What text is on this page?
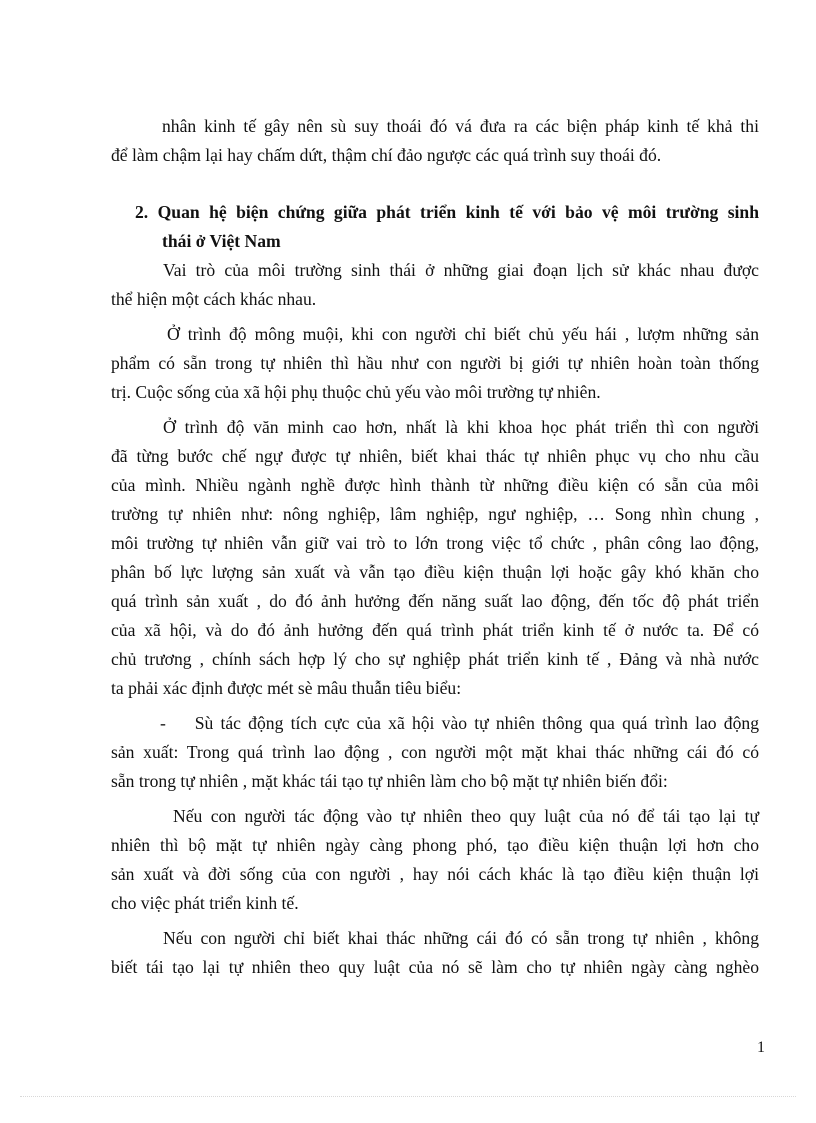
nhân kinh tế gây nên sù suy thoái đó vá đưa ra các biện pháp kinh tế khả thi
để làm chậm lại hay chấm dứt, thậm chí đảo ngược các quá trình suy thoái đó.
2. Quan hệ biện chứng giữa phát triển kinh tế với bảo vệ môi trường sinh
thái ở Việt Nam
Vai trò của môi trường sinh thái ở những giai đoạn lịch sử khác nhau được
thể hiện một cách khác nhau.
Ở trình độ mông muội, khi con người chỉ biết chủ yếu hái , lượm những sản
phẩm có sẵn trong tự nhiên thì hầu như con người bị giới tự nhiên hoàn toàn thống
trị. Cuộc sống của xã hội phụ thuộc chủ yếu vào môi trường tự nhiên.
Ở trình độ văn minh cao hơn, nhất là khi khoa học phát triển thì con người
đã từng bước chế ngự được tự nhiên, biết khai thác tự nhiên phục vụ cho nhu cầu
của mình. Nhiều ngành nghề được hình thành từ những điều kiện có sẵn của môi
trường tự nhiên như: nông nghiệp, lâm nghiệp, ngư nghiệp, … Song nhìn chung ,
môi trường tự nhiên vẫn giữ vai trò to lớn trong việc tổ chức , phân công lao động,
phân bố lực lượng sản xuất và vẫn tạo điều kiện thuận lợi hoặc gây khó khăn cho
quá trình sản xuất , do đó ảnh hưởng đến năng suất lao động, đến tốc độ phát triển
của xã hội, và do đó ảnh hưởng đến quá trình phát triển kinh tế ở nước ta. Để có
chủ trương , chính sách hợp lý cho sự nghiệp phát triển kinh tế , Đảng và nhà nước
ta phải xác định được mét sè mâu thuẫn tiêu biểu:
- Sù tác động tích cực của xã hội vào tự nhiên thông qua quá trình lao động
sản xuất: Trong quá trình lao động , con người một mặt khai thác những cái đó có
sẵn trong tự nhiên , mặt khác tái tạo tự nhiên làm cho bộ mặt tự nhiên biến đổi:
Nếu con người tác động vào tự nhiên theo quy luật của nó để tái tạo lại tự
nhiên thì bộ mặt tự nhiên ngày càng phong phó, tạo điều kiện thuận lợi hơn cho
sản xuất và đời sống của con người , hay nói cách khác là tạo điều kiện thuận lợi
cho việc phát triển kinh tế.
Nếu con người chỉ biết khai thác những cái đó có sẵn trong tự nhiên , không
biết tái tạo lại tự nhiên theo quy luật của nó sẽ làm cho tự nhiên ngày càng nghèo
1
